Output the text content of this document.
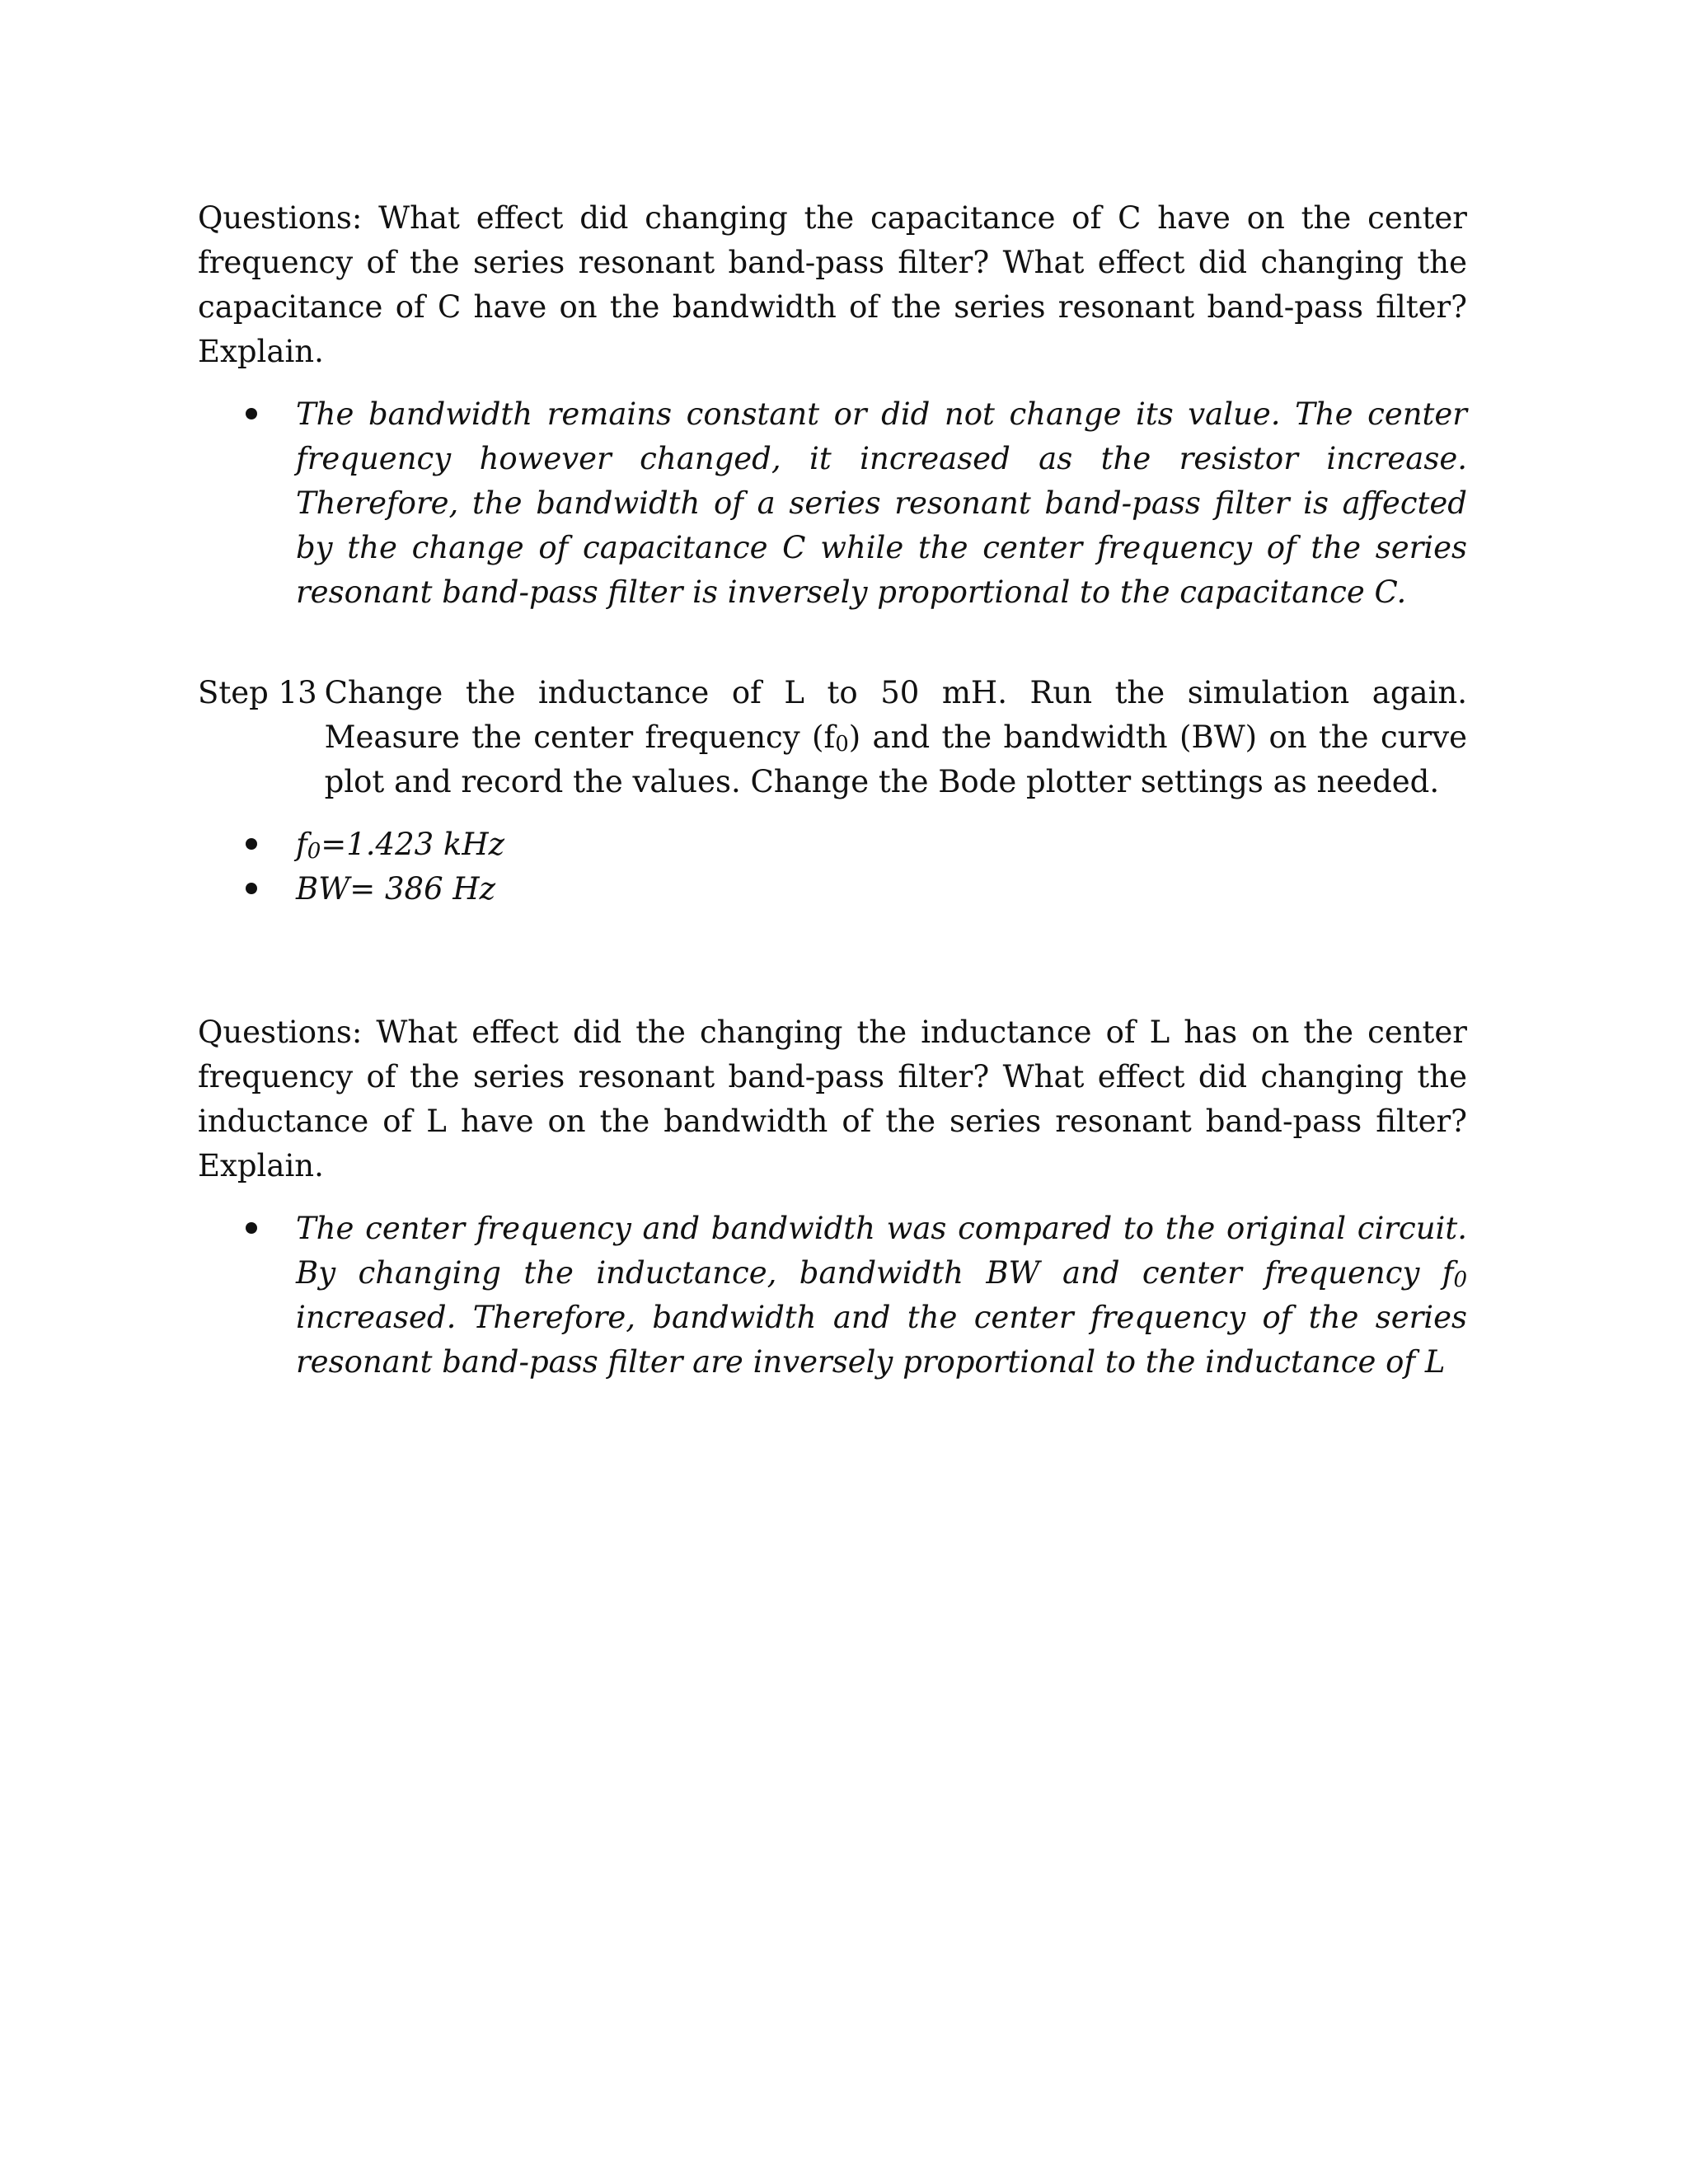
Questions: What effect did changing the capacitance of C have on the center frequency of the series resonant band-pass filter? What effect did changing the capacitance of C have on the bandwidth of the series resonant band-pass filter? Explain.

The bandwidth remains constant or did not change its value. The center frequency however changed, it increased as the resistor increase. Therefore, the bandwidth of a series resonant band-pass filter is affected by the change of capacitance C while the center frequency of the series resonant band-pass filter is inversely proportional to the capacitance C.
Step 13 Change the inductance of L to 50 mH. Run the simulation again. Measure the center frequency $(f_0)$ and the bandwidth (BW) on the curve plot and record the values. Change the Bode plotter settings as needed.
$f_0=1.423$ kHz
BW= 386 Hz

Questions: What effect did the changing the inductance of L has on the center frequency of the series resonant band-pass filter? What effect did changing the inductance of L have on the bandwidth of the series resonant band-pass filter? Explain.

The center frequency and bandwidth was compared to the original circuit. By changing the inductance, bandwidth BW and center frequency $f_0$ increased. Therefore, bandwidth and the center frequency of the series resonant band-pass filter are inversely proportional to the inductance of L
